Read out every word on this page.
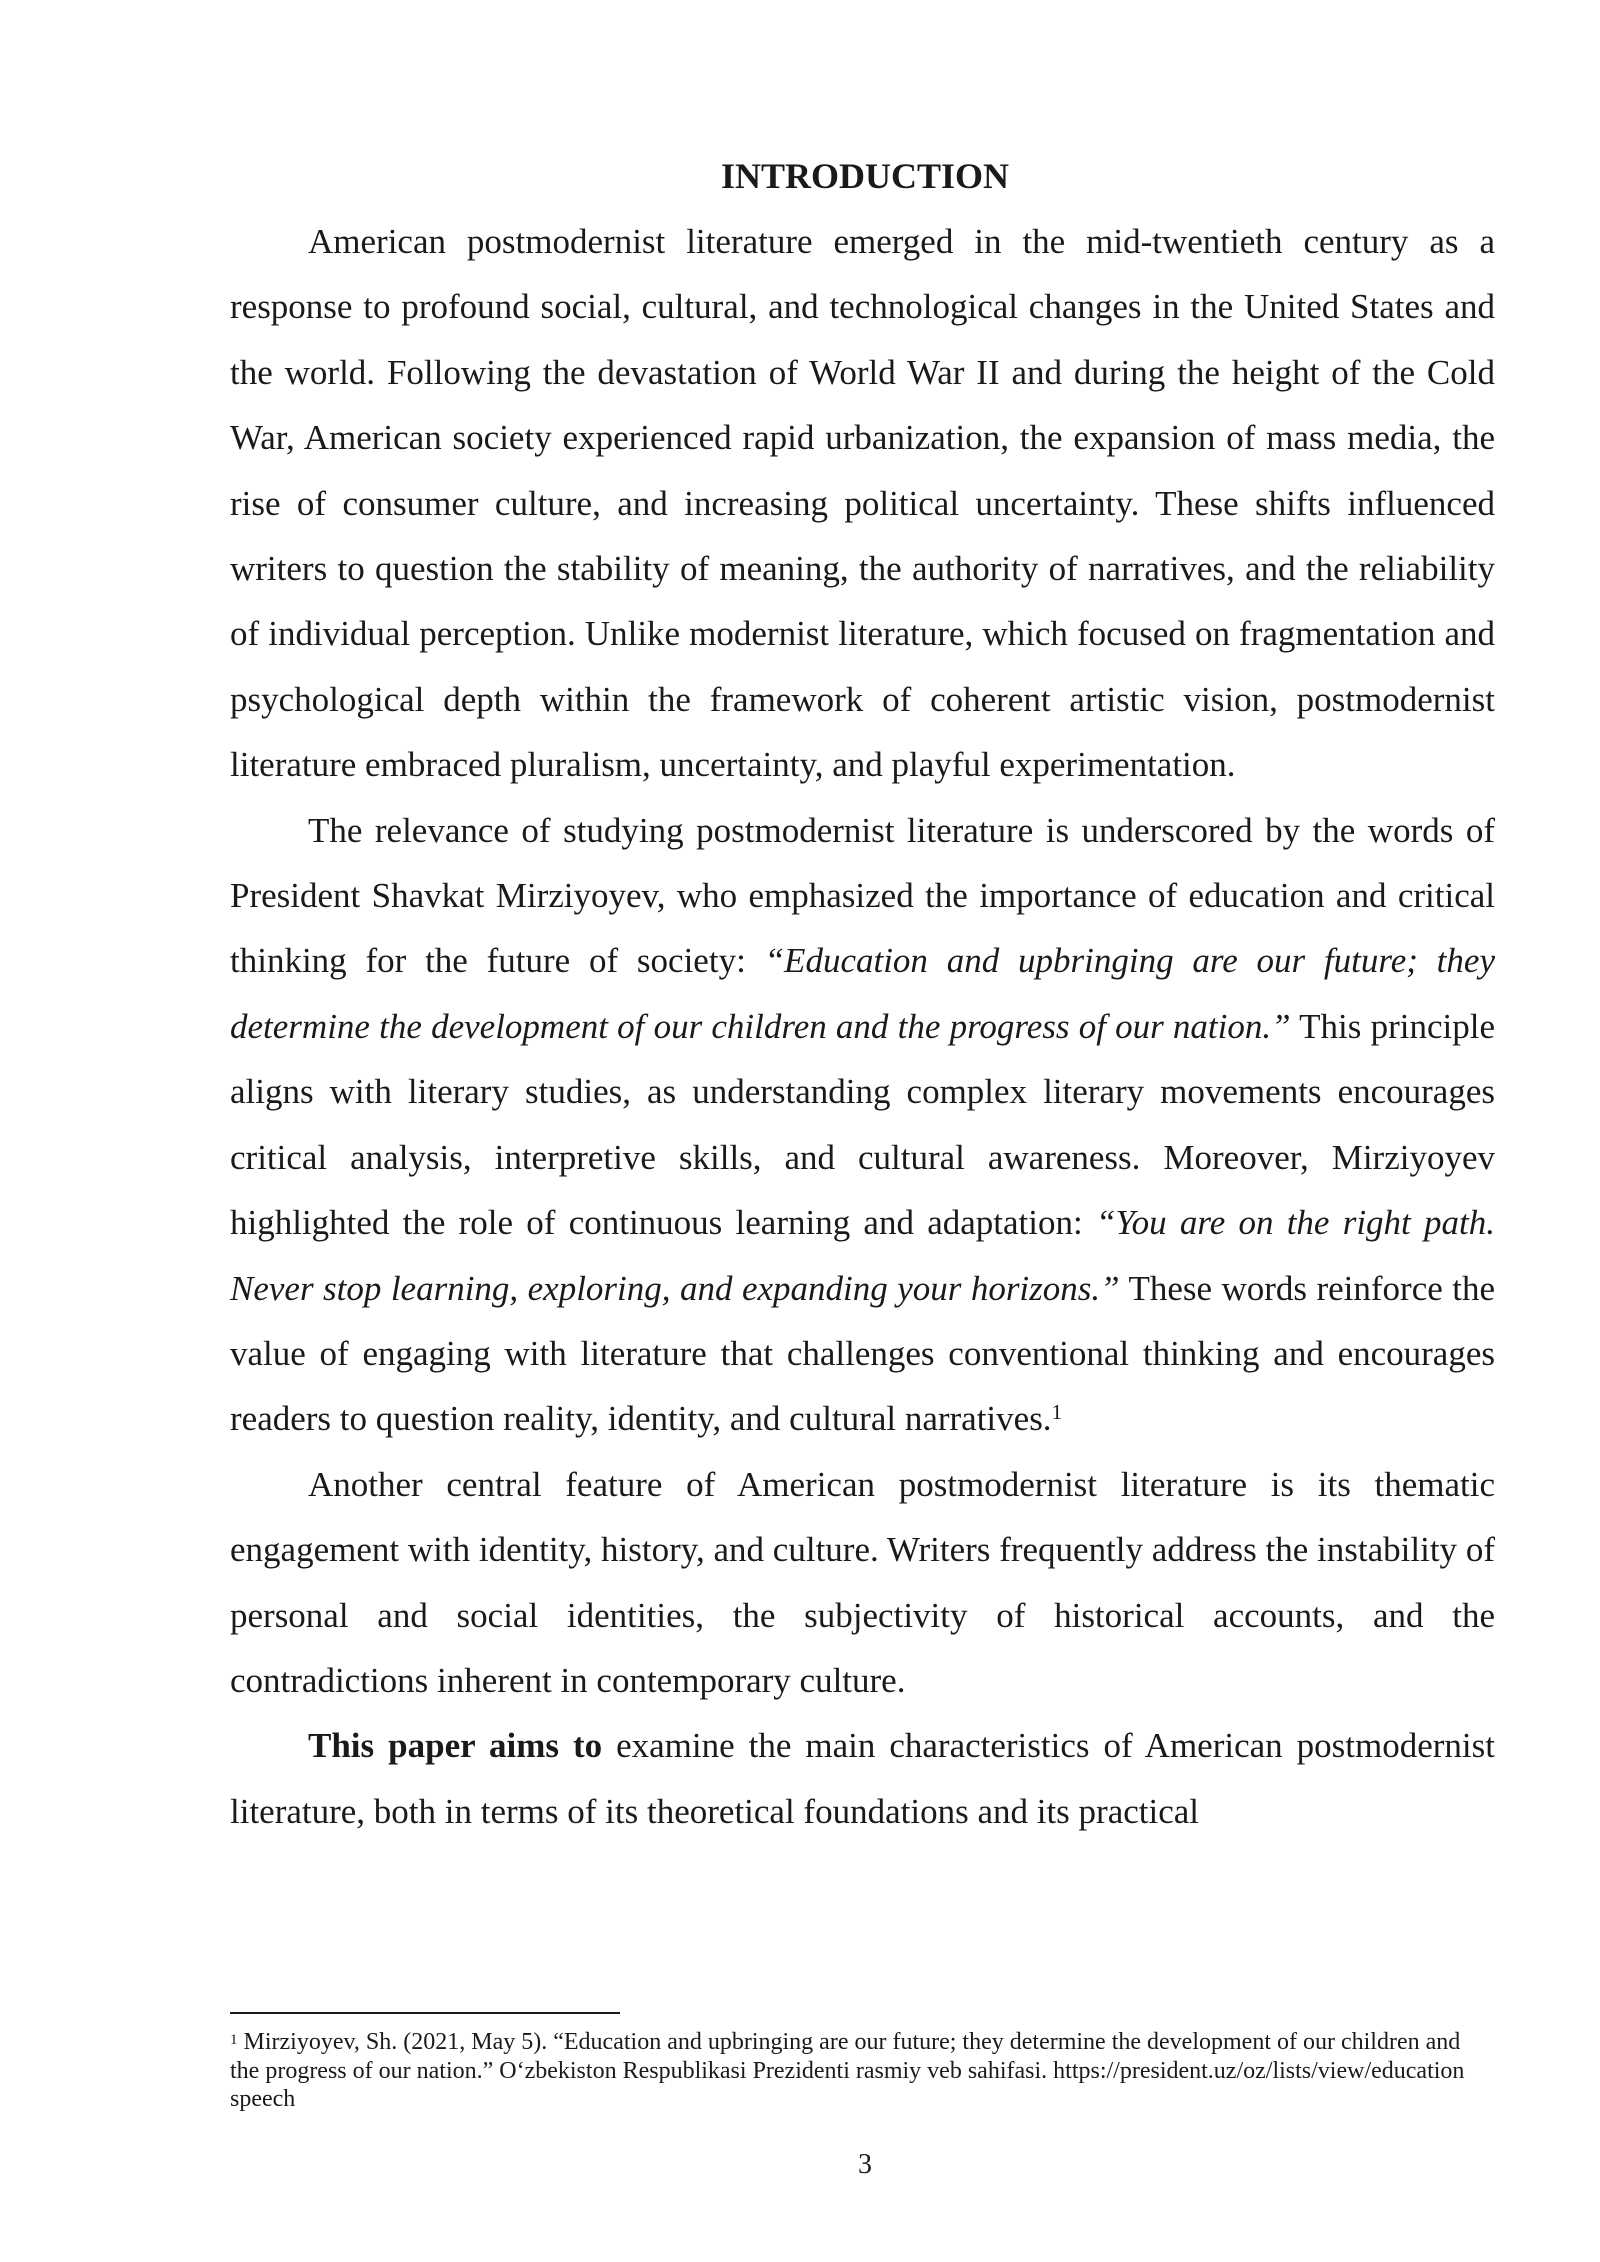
INTRODUCTION

American postmodernist literature emerged in the mid-twentieth century as a response to profound social, cultural, and technological changes in the United States and the world. Following the devastation of World War II and during the height of the Cold War, American society experienced rapid urbanization, the expansion of mass media, the rise of consumer culture, and increasing political uncertainty. These shifts influenced writers to question the stability of meaning, the authority of narratives, and the reliability of individual perception. Unlike modernist literature, which focused on fragmentation and psychological depth within the framework of coherent artistic vision, postmodernist literature embraced pluralism, uncertainty, and playful experimentation.

The relevance of studying postmodernist literature is underscored by the words of President Shavkat Mirziyoyev, who emphasized the importance of education and critical thinking for the future of society: “Education and upbringing are our future; they determine the development of our children and the progress of our nation.” This principle aligns with literary studies, as understanding complex literary movements encourages critical analysis, interpretive skills, and cultural awareness. Moreover, Mirziyoyev highlighted the role of continuous learning and adaptation: “You are on the right path. Never stop learning, exploring, and expanding your horizons.” These words reinforce the value of engaging with literature that challenges conventional thinking and encourages readers to question reality, identity, and cultural narratives.$^1$

Another central feature of American postmodernist literature is its thematic engagement with identity, history, and culture. Writers frequently address the instability of personal and social identities, the subjectivity of historical accounts, and the contradictions inherent in contemporary culture.

This paper aims to examine the main characteristics of American postmodernist literature, both in terms of its theoretical foundations and its practical

$^1$ Mirziyoyev, Sh. (2021, May 5). “Education and upbringing are our future; they determine the development of our children and the progress of our nation.” O‘zbekiston Respublikasi Prezidenti rasmiy veb sahifasi. https://president.uz/oz/lists/view/education speech

3
